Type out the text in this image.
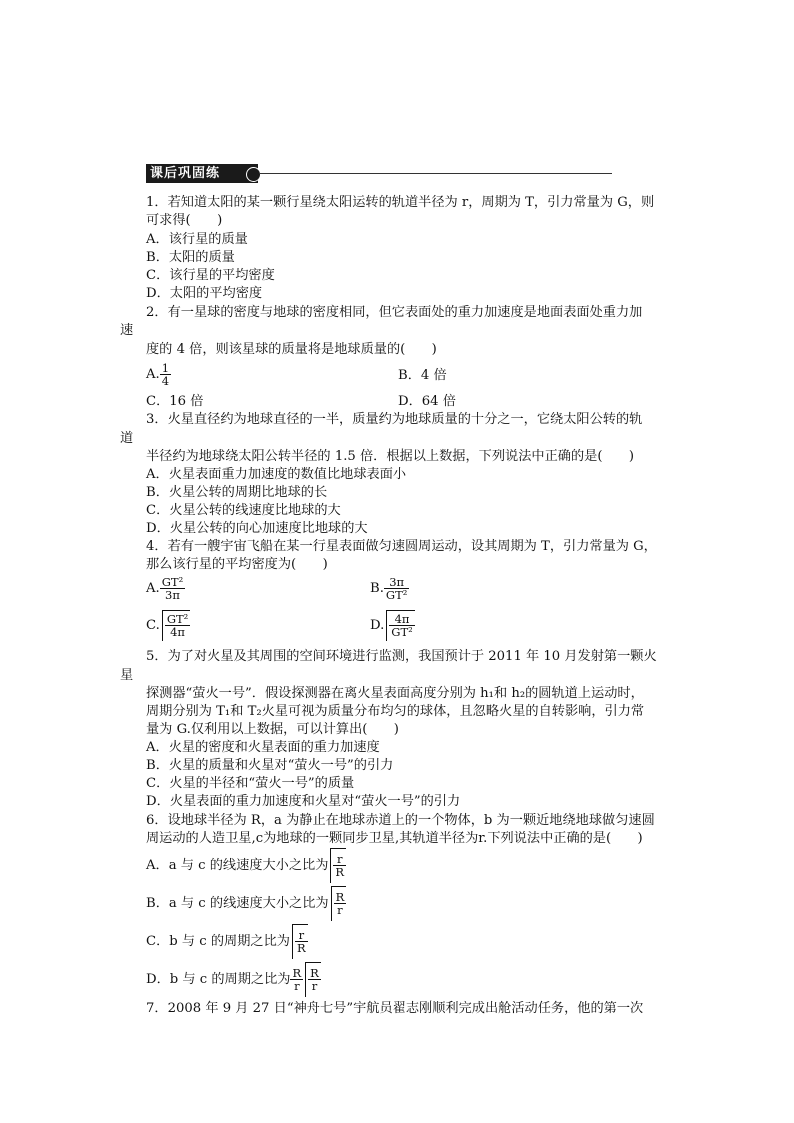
课后巩固练
1．若知道太阳的某一颗行星绕太阳运转的轨道半径为 r，周期为 T，引力常量为 G，则
可求得(　　)
A．该行星的质量
B．太阳的质量
C．该行星的平均密度
D．太阳的平均密度
2．有一星球的密度与地球的密度相同，但它表面处的重力加速度是地面表面处重力加
速
度的 4 倍，则该星球的质量将是地球质量的(　　)
A. $\frac{1}{4}$	B．4 倍
C．16 倍	D．64 倍
3．火星直径约为地球直径的一半，质量约为地球质量的十分之一，它绕太阳公转的轨
道
半径约为地球绕太阳公转半径的 1.5 倍．根据以上数据，下列说法中正确的是(　　)
A．火星表面重力加速度的数值比地球表面小
B．火星公转的周期比地球的长
C．火星公转的线速度比地球的大
D．火星公转的向心加速度比地球的大
4．若有一艘宇宙飞船在某一行星表面做匀速圆周运动，设其周期为 T，引力常量为 G，
那么该行星的平均密度为(　　)
A. $\frac{\text{GT²}}{3\pi}$	B. $\frac{3\pi}{\text{GT²}}$
C. $\frac{\text{GT²}}{4\pi}$	D. $\frac{4\pi}{\text{GT²}}$
5．为了对火星及其周围的空间环境进行监测，我国预计于 2011 年 10 月发射第一颗火
星
探测器“萤火一号”．假设探测器在离火星表面高度分别为 h₁和 h₂的圆轨道上运动时，
周期分别为 T₁和 T₂火星可视为质量分布均匀的球体，且忽略火星的自转影响，引力常
量为 G.仅利用以上数据，可以计算出(　　)
A．火星的密度和火星表面的重力加速度
B．火星的质量和火星对“萤火一号”的引力
C．火星的半径和“萤火一号”的质量
D．火星表面的重力加速度和火星对“萤火一号”的引力
6．设地球半径为 R，a 为静止在地球赤道上的一个物体，b 为一颗近地绕地球做匀速圆
周运动的人造卫星,c为地球的一颗同步卫星,其轨道半径为r.下列说法中正确的是(　　)
A．a 与 c 的线速度大小之比为 $\frac{r}{R}$
B．a 与 c 的线速度大小之比为 $\frac{R}{r}$
C．b 与 c 的周期之比为 $\frac{r}{R}$
D．b 与 c 的周期之比为 $\frac{R}{r} \frac{R}{r}$
7．2008 年 9 月 27 日“神舟七号”宇航员翟志刚顺利完成出舱活动任务，他的第一次
